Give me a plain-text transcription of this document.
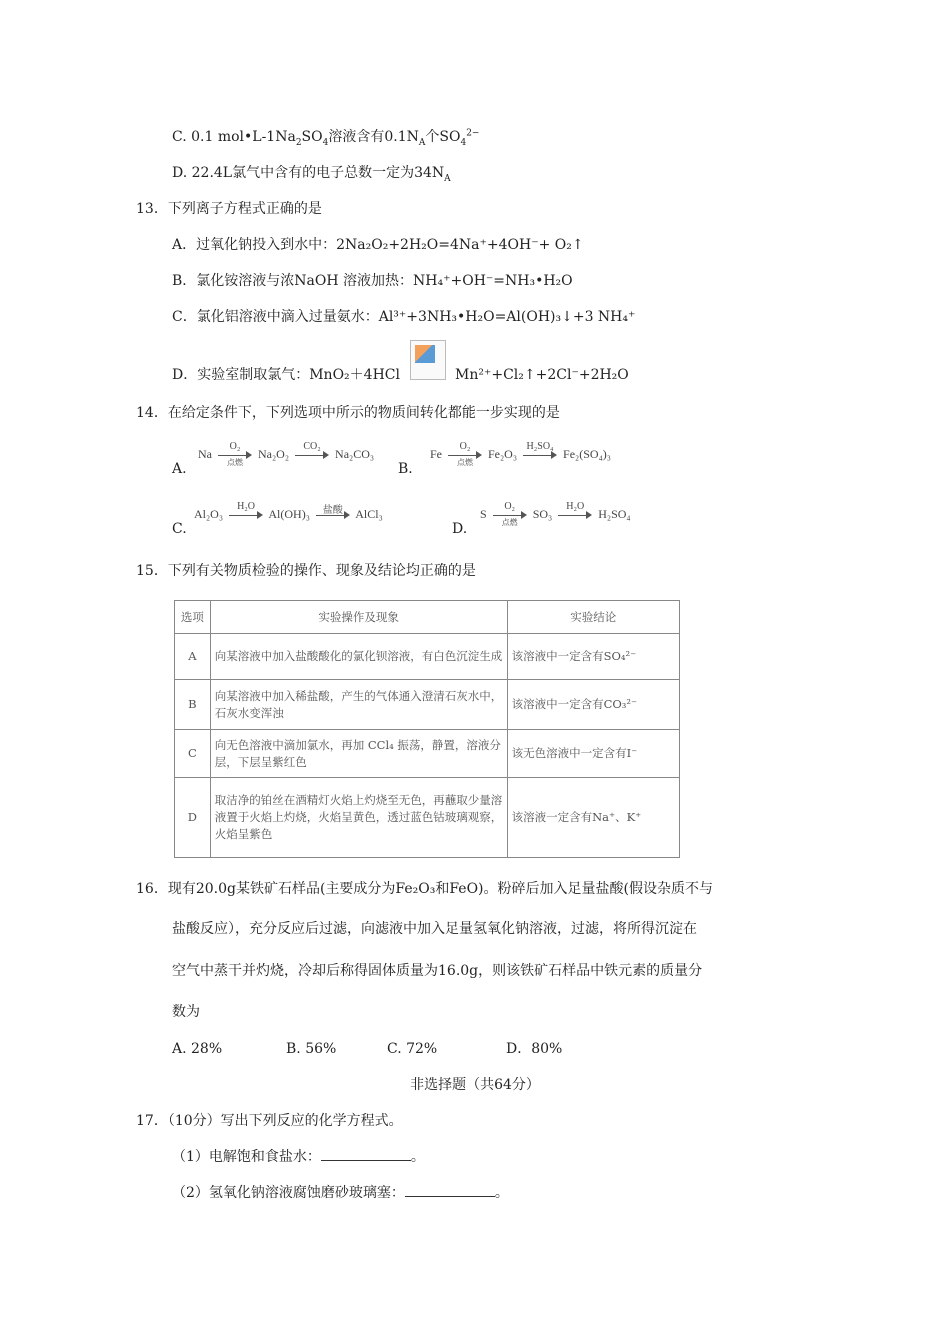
C. 0.1 $mol•L-1Na_2SO_4$溶液含有$0.1N_A$个$SO_4^{2-}$
D. 22.4L氯气中含有的电子总数一定为$34N_A$
13．下列离子方程式正确的是
A．过氧化钠投入到水中：2Na₂O₂+2H₂O=4Na⁺+4OH⁻+ O₂↑
B．氯化铵溶液与浓NaOH 溶液加热：NH₄⁺+OH⁻=NH₃•H₂O
C．氯化铝溶液中滴入过量氨水：Al³⁺+3NH₃•H₂O=Al(OH)₃↓+3 NH₄⁺
D．实验室制取氯气：MnO₂＋4HCl	Mn²⁺+Cl₂↑+2Cl⁻+2H₂O
14．在给定条件下，下列选项中所示的物质间转化都能一步实现的是
A.
Na
O₂
点燃
Na₂O₂
CO₂
Na₂CO₃
B.
Fe
O₂
点燃
Fe₂O₃
H₂SO₄
Fe₂(SO₄)₃
C.
Al₂O₃
H₂O
Al(OH)₃	盐酸	AlCl₃
D.
S
O₂
点燃
SO₃
H₂O
H₂SO₄
15．下列有关物质检验的操作、现象及结论均正确的是
选项	实验操作及现象	实验结论
A	向某溶液中加入盐酸酸化的氯化钡溶液，有白色沉淀生成	该溶液中一定含有SO₄²⁻
B	向某溶液中加入稀盐酸，产生的气体通入澄清石灰水中，石灰水变浑浊	该溶液中一定含有CO₃²⁻
C	向无色溶液中滴加氯水，再加 CCl₄ 振荡，静置，溶液分层，下层呈紫红色	该无色溶液中一定含有I⁻
D	取洁净的铂丝在酒精灯火焰上灼烧至无色，再蘸取少量溶液置于火焰上灼烧，火焰呈黄色，透过蓝色钴玻璃观察，火焰呈紫色	该溶液一定含有Na⁺、K⁺
16．现有20.0g某铁矿石样品(主要成分为Fe₂O₃和FeO)。粉碎后加入足量盐酸(假设杂质不与
盐酸反应），充分反应后过滤，向滤液中加入足量氢氧化钠溶液，过滤，将所得沉淀在
空气中蒸干并灼烧，冷却后称得固体质量为16.0g，则该铁矿石样品中铁元素的质量分
数为
A. 28%	B. 56%	C. 72%	D．80%
非选择题（共64分）
17．（10分）写出下列反应的化学方程式。
（1）电解饱和食盐水：	。
（2）氢氧化钠溶液腐蚀磨砂玻璃塞：	。
